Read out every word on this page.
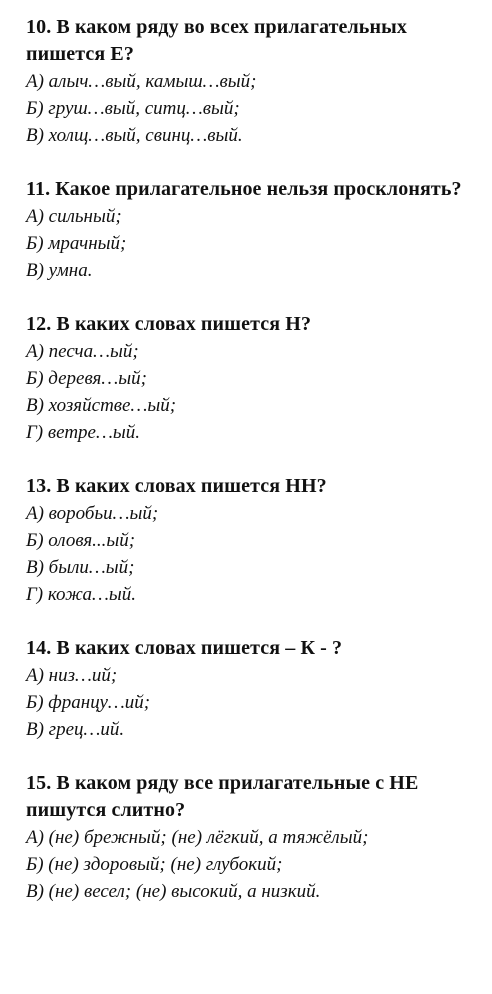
10. В каком ряду во всех прилагательных пишется Е?

А) алыч…вый, камыш…вый;

Б) груш…вый, ситц…вый;

В) холщ…вый, свинц…вый.

11. Какое прилагательное нельзя просклонять?

А) сильный;

Б) мрачный;

В) умна.

12. В каких словах пишется Н?

А) песча…ый;

Б) деревя…ый;

В) хозяйстве…ый;

Г) ветре…ый.

13. В каких словах пишется НН?

А) воробьи…ый;

Б) оловя...ый;

В) были…ый;

Г) кожа…ый.

14. В каких словах пишется – К - ?

А) низ…ий;

Б) францу…ий;

В) грец…ий.

15. В каком ряду все прилагательные с НЕ пишутся слитно?

А) (не) брежный; (не) лёгкий, а тяжёлый;

Б) (не) здоровый; (не) глубокий;

В) (не) весел; (не) высокий, а низкий.
